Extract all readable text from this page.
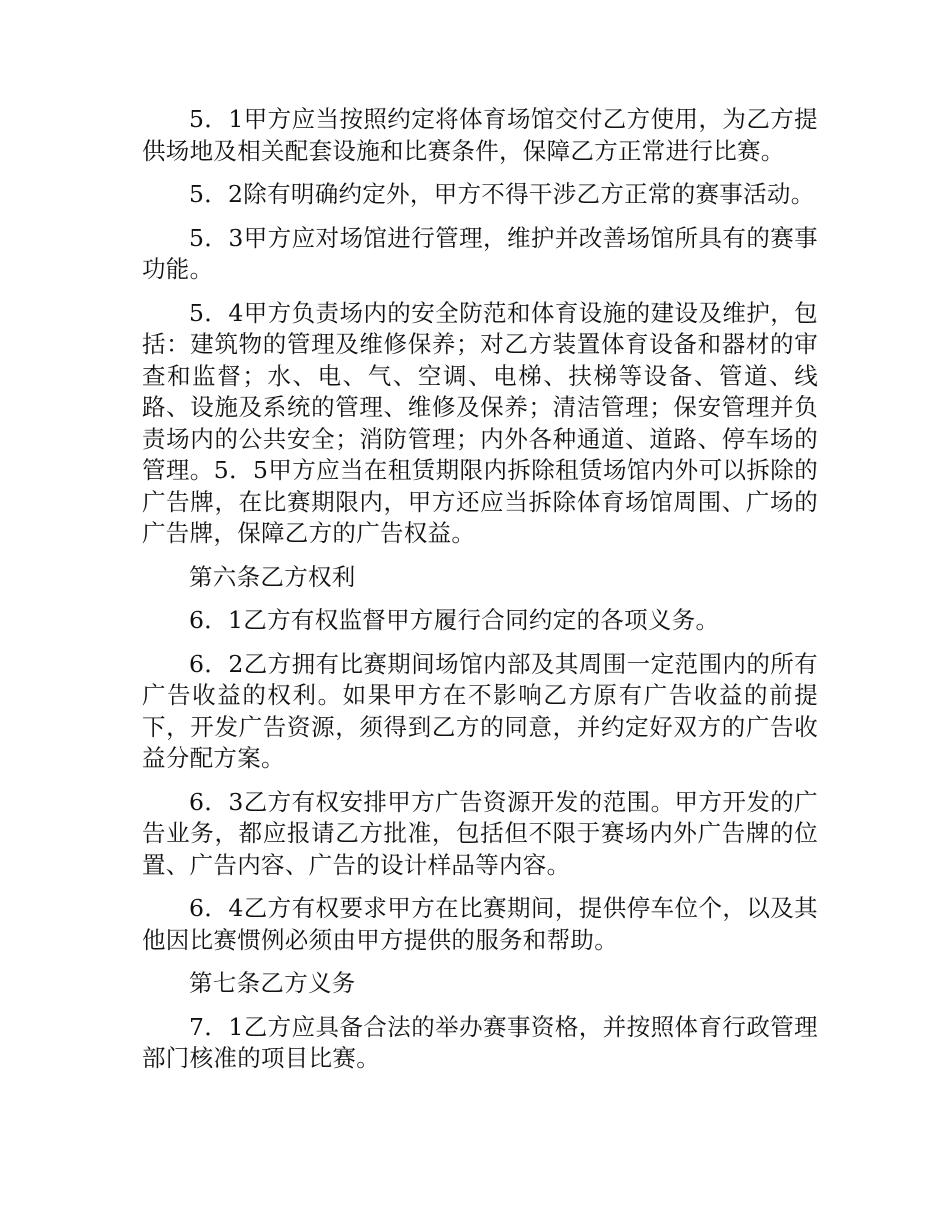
5．1甲方应当按照约定将体育场馆交付乙方使用，为乙方提供场地及相关配套设施和比赛条件，保障乙方正常进行比赛。

5．2除有明确约定外，甲方不得干涉乙方正常的赛事活动。

5．3甲方应对场馆进行管理，维护并改善场馆所具有的赛事功能。

5．4甲方负责场内的安全防范和体育设施的建设及维护，包括：建筑物的管理及维修保养；对乙方装置体育设备和器材的审查和监督；水、电、气、空调、电梯、扶梯等设备、管道、线路、设施及系统的管理、维修及保养；清洁管理；保安管理并负责场内的公共安全；消防管理；内外各种通道、道路、停车场的管理。5．5甲方应当在租赁期限内拆除租赁场馆内外可以拆除的广告牌，在比赛期限内，甲方还应当拆除体育场馆周围、广场的广告牌，保障乙方的广告权益。

第六条乙方权利

6．1乙方有权监督甲方履行合同约定的各项义务。

6．2乙方拥有比赛期间场馆内部及其周围一定范围内的所有广告收益的权利。如果甲方在不影响乙方原有广告收益的前提下，开发广告资源，须得到乙方的同意，并约定好双方的广告收益分配方案。

6．3乙方有权安排甲方广告资源开发的范围。甲方开发的广告业务，都应报请乙方批准，包括但不限于赛场内外广告牌的位置、广告内容、广告的设计样品等内容。

6．4乙方有权要求甲方在比赛期间，提供停车位个，以及其他因比赛惯例必须由甲方提供的服务和帮助。

第七条乙方义务

7．1乙方应具备合法的举办赛事资格，并按照体育行政管理部门核准的项目比赛。
